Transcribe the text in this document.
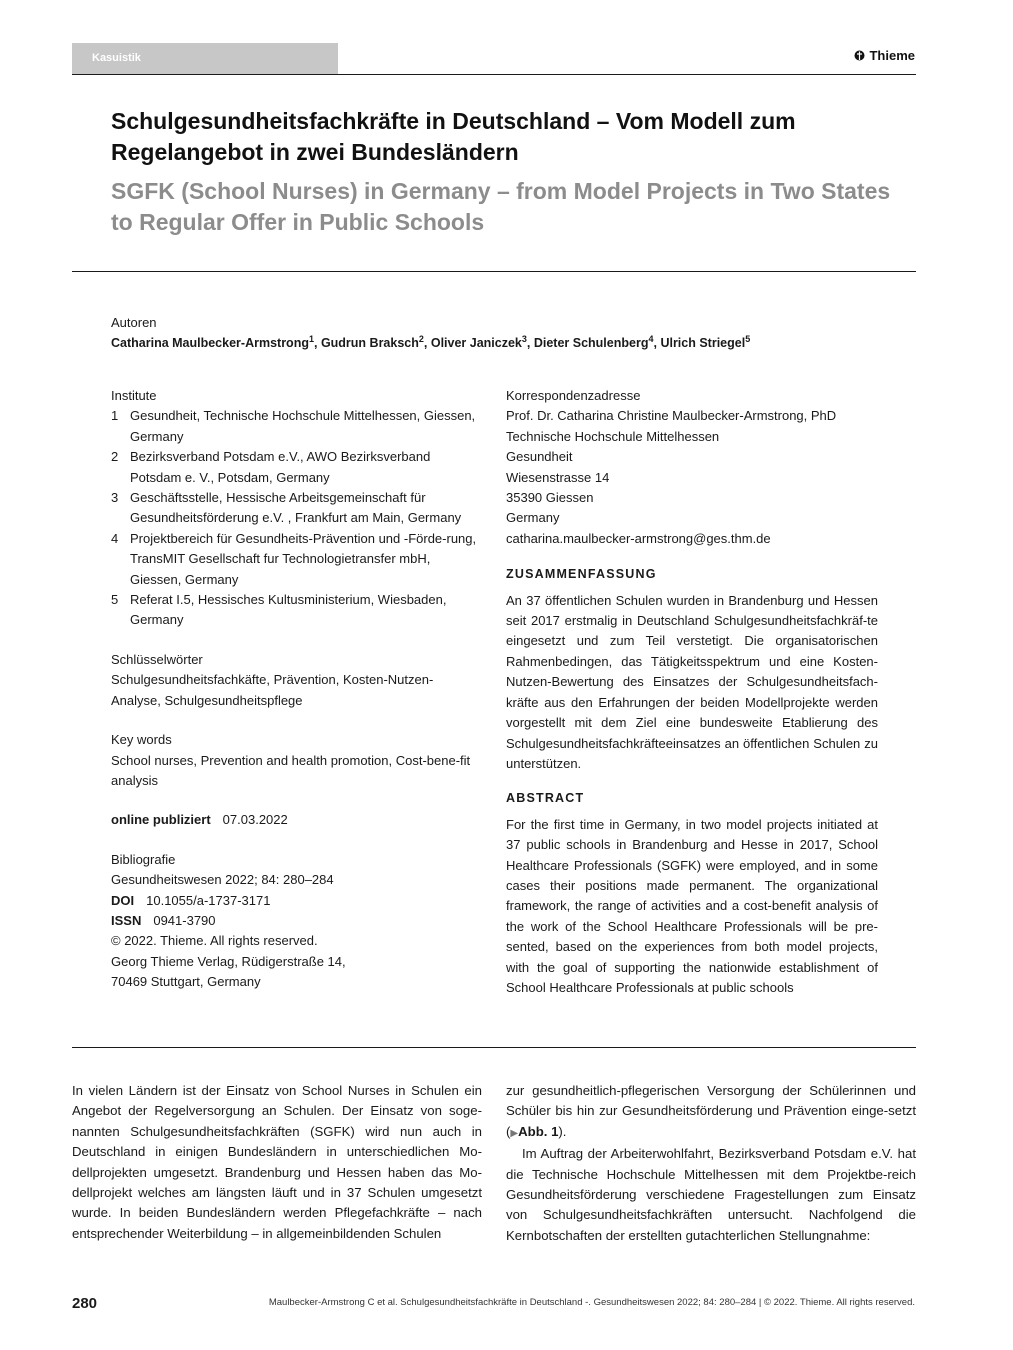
Kasuistik	Thieme
Schulgesundheitsfachkräfte in Deutschland – Vom Modell zum Regelangebot in zwei Bundesländern
SGFK (School Nurses) in Germany – from Model Projects in Two States to Regular Offer in Public Schools
Autoren
Catharina Maulbecker-Armstrong$^1$, Gudrun Braksch$^2$, Oliver Janiczek$^3$, Dieter Schulenberg$^4$, Ulrich Striegel$^5$

Institute

1 Gesundheit, Technische Hochschule Mittelhessen, Giessen, Germany
2 Bezirksverband Potsdam e.V., AWO Bezirksverband Potsdam e. V., Potsdam, Germany
3 Geschäftsstelle, Hessische Arbeitsgemeinschaft für Gesundheitsförderung e.V. , Frankfurt am Main, Germany
4 Projektbereich für Gesundheits-Prävention und -Förde-rung, TransMIT Gesellschaft fur Technologietransfer mbH, Giessen, Germany
5 Referat I.5, Hessisches Kultusministerium, Wiesbaden, Germany

Schlüsselwörter

Schulgesundheitsfachkäfte, Prävention, Kosten-Nutzen-Analyse, Schulgesundheitspflege

Key words

School nurses, Prevention and health promotion, Cost-bene-fit analysis

online publiziert 07.03.2022

Bibliografie

Gesundheitswesen 2022; 84: 280–284

DOI 10.1055/a-1737-3171

ISSN 0941-3790

© 2022. Thieme. All rights reserved.

Georg Thieme Verlag, Rüdigerstraße 14,

70469 Stuttgart, Germany

Korrespondenzadresse

Prof. Dr. Catharina Christine Maulbecker-Armstrong, PhD

Technische Hochschule Mittelhessen

Gesundheit

Wiesenstrasse 14

35390 Giessen

Germany

catharina.maulbecker-armstrong@ges.thm.de

ZUSAMMENFASSUNG

An 37 öffentlichen Schulen wurden in Brandenburg und Hessen seit 2017 erstmalig in Deutschland Schulgesundheitsfachkräf-te eingesetzt und zum Teil verstetigt. Die organisatorischen Rahmenbedingen, das Tätigkeitsspektrum und eine Kosten-Nutzen-Bewertung des Einsatzes der Schulgesundheitsfach-kräfte aus den Erfahrungen der beiden Modellprojekte werden vorgestellt mit dem Ziel eine bundesweite Etablierung des Schulgesundheitsfachkräfteeinsatzes an öffentlichen Schulen zu unterstützen.

ABSTRACT

For the first time in Germany, in two model projects initiated at 37 public schools in Brandenburg and Hesse in 2017, School Healthcare Professionals (SGFK) were employed, and in some cases their positions made permanent. The organizational framework, the range of activities and a cost-benefit analysis of the work of the School Healthcare Professionals will be pre-sented, based on the experiences from both model projects, with the goal of supporting the nationwide establishment of School Healthcare Professionals at public schools

In vielen Ländern ist der Einsatz von School Nurses in Schulen ein Angebot der Regelversorgung an Schulen. Der Einsatz von soge-nannten Schulgesundheitsfachkräften (SGFK) wird nun auch in Deutschland in einigen Bundesländern in unterschiedlichen Mo-dellprojekten umgesetzt. Brandenburg und Hessen haben das Mo-dellprojekt welches am längsten läuft und in 37 Schulen umgesetzt wurde. In beiden Bundesländern werden Pflegefachkräfte – nach entsprechender Weiterbildung – in allgemeinbildenden Schulen

zur gesundheitlich-pflegerischen Versorgung der Schülerinnen und Schüler bis hin zur Gesundheitsförderung und Prävention einge-setzt (▶Abb. 1).

Im Auftrag der Arbeiterwohlfahrt, Bezirksverband Potsdam e.V. hat die Technische Hochschule Mittelhessen mit dem Projektbe-reich Gesundheitsförderung verschiedene Fragestellungen zum Einsatz von Schulgesundheitsfachkräften untersucht. Nachfolgend die Kernbotschaften der erstellten gutachterlichen Stellungnahme:

280	Maulbecker-Armstrong C et al. Schulgesundheitsfachkräfte in Deutschland -. Gesundheitswesen 2022; 84: 280–284 | © 2022. Thieme. All rights reserved.
